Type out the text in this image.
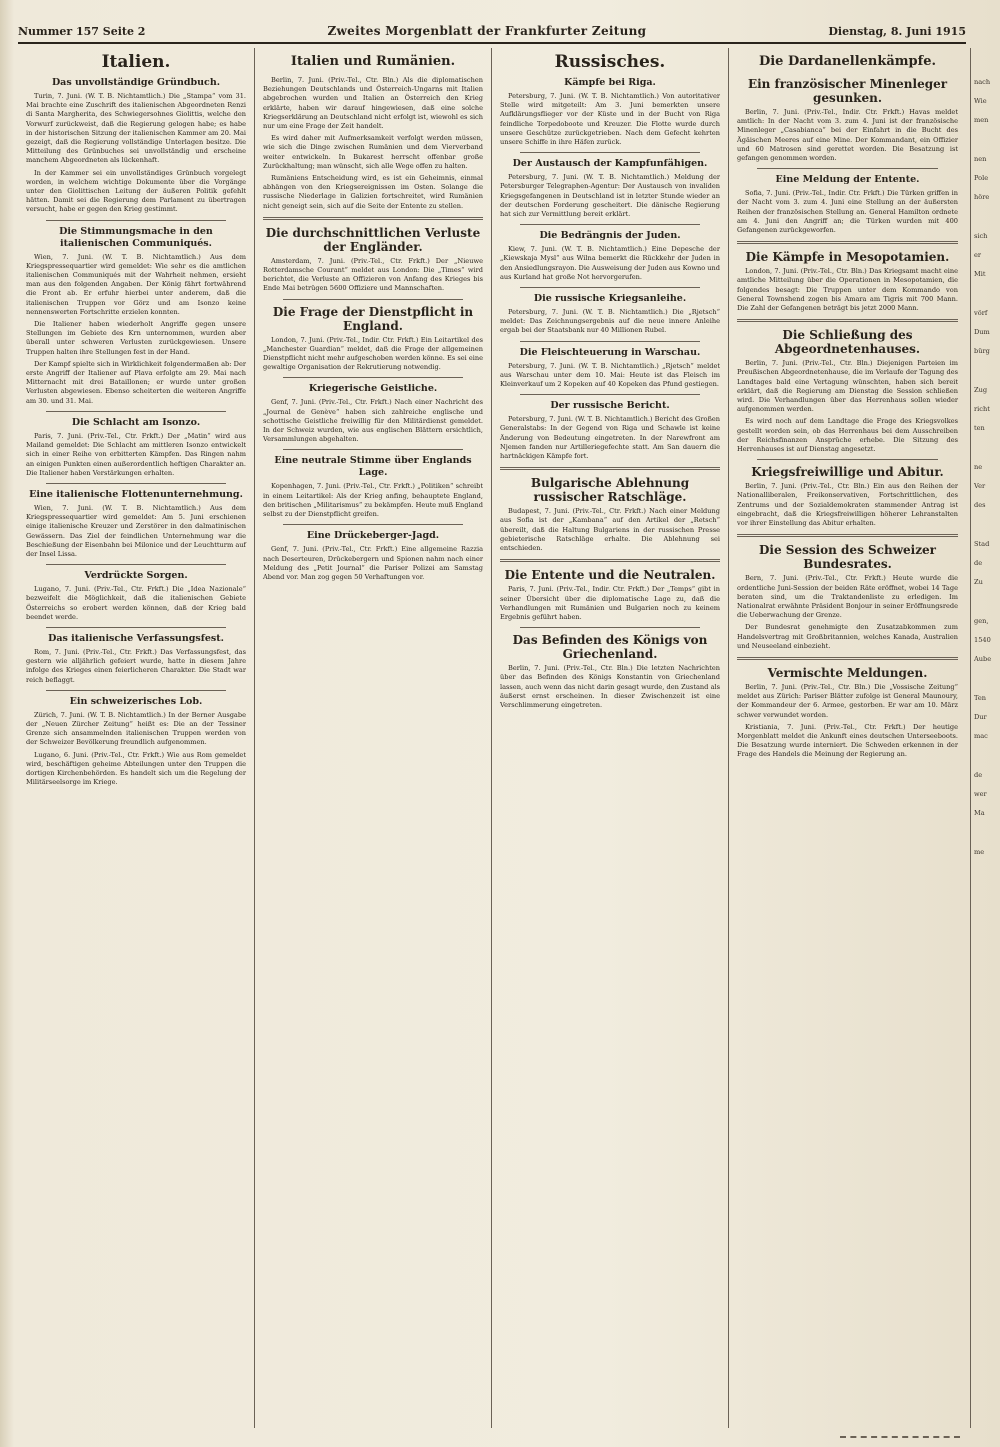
Nummer 157 Seite 2	Zweites Morgenblatt der Frankfurter Zeitung	Dienstag, 8. Juni 1915
Italien.
Das unvollständige Gründbuch.

Turin, 7. Juni. (W. T. B. Nichtamtlich.) Die „Stampa“ vom 31. Mai brachte eine Zuschrift des italienischen Abgeordneten Renzi di Santa Margherita, des Schwiegersohnes Giolittis, welche den Vorwurf zurückweist, daß die Regierung gelogen habe; es habe in der historischen Sitzung der italienischen Kammer am 20. Mai gezeigt, daß die Regierung vollständige Unterlagen besitze. Die Mitteilung des Grünbuches sei unvollständig und erscheine manchem Abgeordneten als lückenhaft.

In der Kammer sei ein unvollständiges Grünbuch vorgelegt worden, in welchem wichtige Dokumente über die Vorgänge unter den Giolittischen Leitung der äußeren Politik gefehlt hätten. Damit sei die Regierung dem Parlament zu übertragen versucht, habe er gegen den Krieg gestimmt.

Die Stimmungsmache in den italienischen Communiqués.

Wien, 7. Juni. (W. T. B. Nichtamtlich.) Aus dem Kriegspressequartier wird gemeldet: Wie sehr es die amtlichen italienischen Communiqués mit der Wahrheit nehmen, ersieht man aus den folgenden Angaben. Der König fährt fortwährend die Front ab. Er erfuhr hierbei unter anderem, daß die italienischen Truppen vor Görz und am Isonzo keine nennenswerten Fortschritte erzielen konnten.

Die Italiener haben wiederholt Angriffe gegen unsere Stellungen im Gebiete des Krn unternommen, wurden aber überall unter schweren Verlusten zurückgewiesen. Unsere Truppen halten ihre Stellungen fest in der Hand.

Der Kampf spielte sich in Wirklichkeit folgendermaßen ab: Der erste Angriff der Italiener auf Plava erfolgte am 29. Mai nach Mitternacht mit drei Bataillonen; er wurde unter großen Verlusten abgewiesen. Ebenso scheiterten die weiteren Angriffe am 30. und 31. Mai.

Die Schlacht am Isonzo.

Paris, 7. Juni. (Priv.-Tel., Ctr. Frkft.) Der „Matin“ wird aus Mailand gemeldet: Die Schlacht am mittleren Isonzo entwickelt sich in einer Reihe von erbitterten Kämpfen. Das Ringen nahm an einigen Punkten einen außerordentlich heftigen Charakter an. Die Italiener haben Verstärkungen erhalten.

Eine italienische Flottenunternehmung.

Wien, 7. Juni. (W. T. B. Nichtamtlich.) Aus dem Kriegspressequartier wird gemeldet: Am 5. Juni erschienen einige italienische Kreuzer und Zerstörer in den dalmatinischen Gewässern. Das Ziel der feindlichen Unternehmung war die Beschießung der Eisenbahn bei Milonice und der Leuchtturm auf der Insel Lissa.

Verdrückte Sorgen.

Lugano, 7. Juni. (Priv.-Tel., Ctr. Frkft.) Die „Idea Nazionale“ bezweifelt die Möglichkeit, daß die italienischen Gebiete Österreichs so erobert werden können, daß der Krieg bald beendet werde.

Das italienische Verfassungsfest.

Rom, 7. Juni. (Priv.-Tel., Ctr. Frkft.) Das Verfassungsfest, das gestern wie alljährlich gefeiert wurde, hatte in diesem Jahre infolge des Krieges einen feierlicheren Charakter. Die Stadt war reich beflaggt.

Ein schweizerisches Lob.

Zürich, 7. Juni. (W. T. B. Nichtamtlich.) In der Berner Ausgabe der „Neuen Zürcher Zeitung“ heißt es: Die an der Tessiner Grenze sich ansammelnden italienischen Truppen werden von der Schweizer Bevölkerung freundlich aufgenommen.

Lugano, 6. Juni. (Priv.-Tel., Ctr. Frkft.) Wie aus Rom gemeldet wird, beschäftigen geheime Abteilungen unter den Truppen die dortigen Kirchenbehörden. Es handelt sich um die Regelung der Militärseelsorge im Kriege.

Italien und Rumänien.

Berlin, 7. Juni. (Priv.-Tel., Ctr. Bln.) Als die diplomatischen Beziehungen Deutschlands und Österreich-Ungarns mit Italien abgebrochen wurden und Italien an Österreich den Krieg erklärte, haben wir darauf hingewiesen, daß eine solche Kriegserklärung an Deutschland nicht erfolgt ist, wiewohl es sich nur um eine Frage der Zeit handelt.

Es wird daher mit Aufmerksamkeit verfolgt werden müssen, wie sich die Dinge zwischen Rumänien und dem Vierverband weiter entwickeln. In Bukarest herrscht offenbar große Zurückhaltung; man wünscht, sich alle Wege offen zu halten.

Rumäniens Entscheidung wird, es ist ein Geheimnis, einmal abhängen von den Kriegsereignissen im Osten. Solange die russische Niederlage in Galizien fortschreitet, wird Rumänien nicht geneigt sein, sich auf die Seite der Entente zu stellen.

Die durchschnittlichen Verluste der Engländer.

Amsterdam, 7. Juni. (Priv.-Tel., Ctr. Frkft.) Der „Nieuwe Rotterdamsche Courant“ meldet aus London: Die „Times“ wird berichtet, die Verluste an Offizieren von Anfang des Krieges bis Ende Mai betrügen 5600 Offiziere und Mannschaften.

Die Frage der Dienstpflicht in England.

London, 7. Juni. (Priv.-Tel., Indir. Ctr. Frkft.) Ein Leitartikel des „Manchester Guardian“ meldet, daß die Frage der allgemeinen Dienstpflicht nicht mehr aufgeschoben werden könne. Es sei eine gewaltige Organisation der Rekrutierung notwendig.

Kriegerische Geistliche.

Genf, 7. Juni. (Priv.-Tel., Ctr. Frkft.) Nach einer Nachricht des „Journal de Genève“ haben sich zahlreiche englische und schottische Geistliche freiwillig für den Militärdienst gemeldet. In der Schweiz wurden, wie aus englischen Blättern ersichtlich, Versammlungen abgehalten.

Eine neutrale Stimme über Englands Lage.

Kopenhagen, 7. Juni. (Priv.-Tel., Ctr. Frkft.) „Politiken“ schreibt in einem Leitartikel: Als der Krieg anfing, behauptete England, den britischen „Militarismus“ zu bekämpfen. Heute muß England selbst zu der Dienstpflicht greifen.

Eine Drückeberger-Jagd.

Genf, 7. Juni. (Priv.-Tel., Ctr. Frkft.) Eine allgemeine Razzia nach Deserteuren, Drückebergern und Spionen nahm nach einer Meldung des „Petit Journal“ die Pariser Polizei am Samstag Abend vor. Man zog gegen 50 Verhaftungen vor.

Russisches.
Kämpfe bei Riga.

Petersburg, 7. Juni. (W. T. B. Nichtamtlich.) Von autoritativer Stelle wird mitgeteilt: Am 3. Juni bemerkten unsere Aufklärungsflieger vor der Küste und in der Bucht von Riga feindliche Torpedoboote und Kreuzer. Die Flotte wurde durch unsere Geschütze zurückgetrieben. Nach dem Gefecht kehrten unsere Schiffe in ihre Häfen zurück.

Der Austausch der Kampfunfähigen.

Petersburg, 7. Juni. (W. T. B. Nichtamtlich.) Meldung der Petersburger Telegraphen-Agentur: Der Austausch von invaliden Kriegsgefangenen in Deutschland ist in letzter Stunde wieder an der deutschen Forderung gescheitert. Die dänische Regierung hat sich zur Vermittlung bereit erklärt.

Die Bedrängnis der Juden.

Kiew, 7. Juni. (W. T. B. Nichtamtlich.) Eine Depesche der „Kiewskaja Mysl“ aus Wilna bemerkt die Rückkehr der Juden in den Ansiedlungsrayon. Die Ausweisung der Juden aus Kowno und aus Kurland hat große Not hervorgerufen.

Die russische Kriegsanleihe.

Petersburg, 7. Juni. (W. T. B. Nichtamtlich.) Die „Rjetsch“ meldet: Das Zeichnungsergebnis auf die neue innere Anleihe ergab bei der Staatsbank nur 40 Millionen Rubel.

Die Fleischteuerung in Warschau.

Petersburg, 7. Juni. (W. T. B. Nichtamtlich.) „Rjetsch“ meldet aus Warschau unter dem 10. Mai: Heute ist das Fleisch im Kleinverkauf um 2 Kopeken auf 40 Kopeken das Pfund gestiegen.

Der russische Bericht.

Petersburg, 7. Juni. (W. T. B. Nichtamtlich.) Bericht des Großen Generalstabs: In der Gegend von Riga und Schawle ist keine Änderung von Bedeutung eingetreten. In der Narewfront am Njemen fanden nur Artilleriegefechte statt. Am San dauern die hartnäckigen Kämpfe fort.

Bulgarische Ablehnung russischer Ratschläge.

Budapest, 7. Juni. (Priv.-Tel., Ctr. Frkft.) Nach einer Meldung aus Sofia ist der „Kambana“ auf den Artikel der „Retsch“ übereilt, daß die Haltung Bulgariens in der russischen Presse gebieterische Ratschläge erhalte. Die Ablehnung sei entschieden.

Die Entente und die Neutralen.

Paris, 7. Juni. (Priv.-Tel., Indir. Ctr. Frkft.) Der „Temps“ gibt in seiner Übersicht über die diplomatische Lage zu, daß die Verhandlungen mit Rumänien und Bulgarien noch zu keinem Ergebnis geführt haben.

Das Befinden des Königs von Griechenland.

Berlin, 7. Juni. (Priv.-Tel., Ctr. Bln.) Die letzten Nachrichten über das Befinden des Königs Konstantin von Griechenland lassen, auch wenn das nicht darin gesagt wurde, den Zustand als äußerst ernst erscheinen. In dieser Zwischenzeit ist eine Verschlimmerung eingetreten.

Die Dardanellenkämpfe.
Ein französischer Minenleger gesunken.

Berlin, 7. Juni. (Priv.-Tel., Indir. Ctr. Frkft.) Havas meldet amtlich: In der Nacht vom 3. zum 4. Juni ist der französische Minenleger „Casabianca“ bei der Einfahrt in die Bucht des Ägäischen Meeres auf eine Mine. Der Kommandant, ein Offizier und 60 Matrosen sind gerettet worden. Die Besatzung ist gefangen genommen worden.

Eine Meldung der Entente.

Sofia, 7. Juni. (Priv.-Tel., Indir. Ctr. Frkft.) Die Türken griffen in der Nacht vom 3. zum 4. Juni eine Stellung an der äußersten Reihen der französischen Stellung an. General Hamilton ordnete am 4. Juni den Angriff an; die Türken wurden mit 400 Gefangenen zurückgeworfen.

Die Kämpfe in Mesopotamien.

London, 7. Juni. (Priv.-Tel., Ctr. Bln.) Das Kriegsamt macht eine amtliche Mitteilung über die Operationen in Mesopotamien, die folgendes besagt: Die Truppen unter dem Kommando von General Townshend zogen bis Amara am Tigris mit 700 Mann. Die Zahl der Gefangenen beträgt bis jetzt 2000 Mann.

Die Schließung des Abgeordnetenhauses.

Berlin, 7. Juni. (Priv.-Tel., Ctr. Bln.) Diejenigen Parteien im Preußischen Abgeordnetenhause, die im Verlaufe der Tagung des Landtages bald eine Vertagung wünschten, haben sich bereit erklärt, daß die Regierung am Dienstag die Session schließen wird. Die Verhandlungen über das Herrenhaus sollen wieder aufgenommen werden.

Es wird noch auf dem Landtage die Frage des Kriegsvolkes gestellt worden sein, ob das Herrenhaus bei dem Ausschreiben der Reichsfinanzen Ansprüche erhebe. Die Sitzung des Herrenhauses ist auf Dienstag angesetzt.

Kriegsfreiwillige und Abitur.

Berlin, 7. Juni. (Priv.-Tel., Ctr. Bln.) Ein aus den Reihen der Nationalliberalen, Freikonservativen, Fortschrittlichen, des Zentrums und der Sozialdemokraten stammender Antrag ist eingebracht, daß die Kriegsfreiwilligen höherer Lehranstalten vor ihrer Einstellung das Abitur erhalten.

Die Session des Schweizer Bundesrates.

Bern, 7. Juni. (Priv.-Tel., Ctr. Frkft.) Heute wurde die ordentliche Juni-Session der beiden Räte eröffnet, wobei 14 Tage beraten sind, um die Traktandenliste zu erledigen. Im Nationalrat erwähnte Präsident Bonjour in seiner Eröffnungsrede die Ueberwachung der Grenze.

Der Bundesrat genehmigte den Zusatzabkommen zum Handelsvertrag mit Großbritannien, welches Kanada, Australien und Neuseeland einbezieht.

Vermischte Meldungen.

Berlin, 7. Juni. (Priv.-Tel., Ctr. Bln.) Die „Vossische Zeitung“ meldet aus Zürich: Pariser Blätter zufolge ist General Maunoury, der Kommandeur der 6. Armee, gestorben. Er war am 10. März schwer verwundet worden.

Kristiania, 7. Juni. (Priv.-Tel., Ctr. Frkft.) Der heutige Morgenblatt meldet die Ankunft eines deutschen Unterseeboots. Die Besatzung wurde interniert. Die Schweden erkennen in der Frage des Handels die Meinung der Regierung an.

nach
Wie
men
nen
Pole
höre
sich
er
Mit
vörf
Dum
bürg
Zug
richt
ten
ne
Ver
des
Stad
de
Zu
gen,
1540
Aube
Ten
Dur
mac
de
wer
Ma
me
